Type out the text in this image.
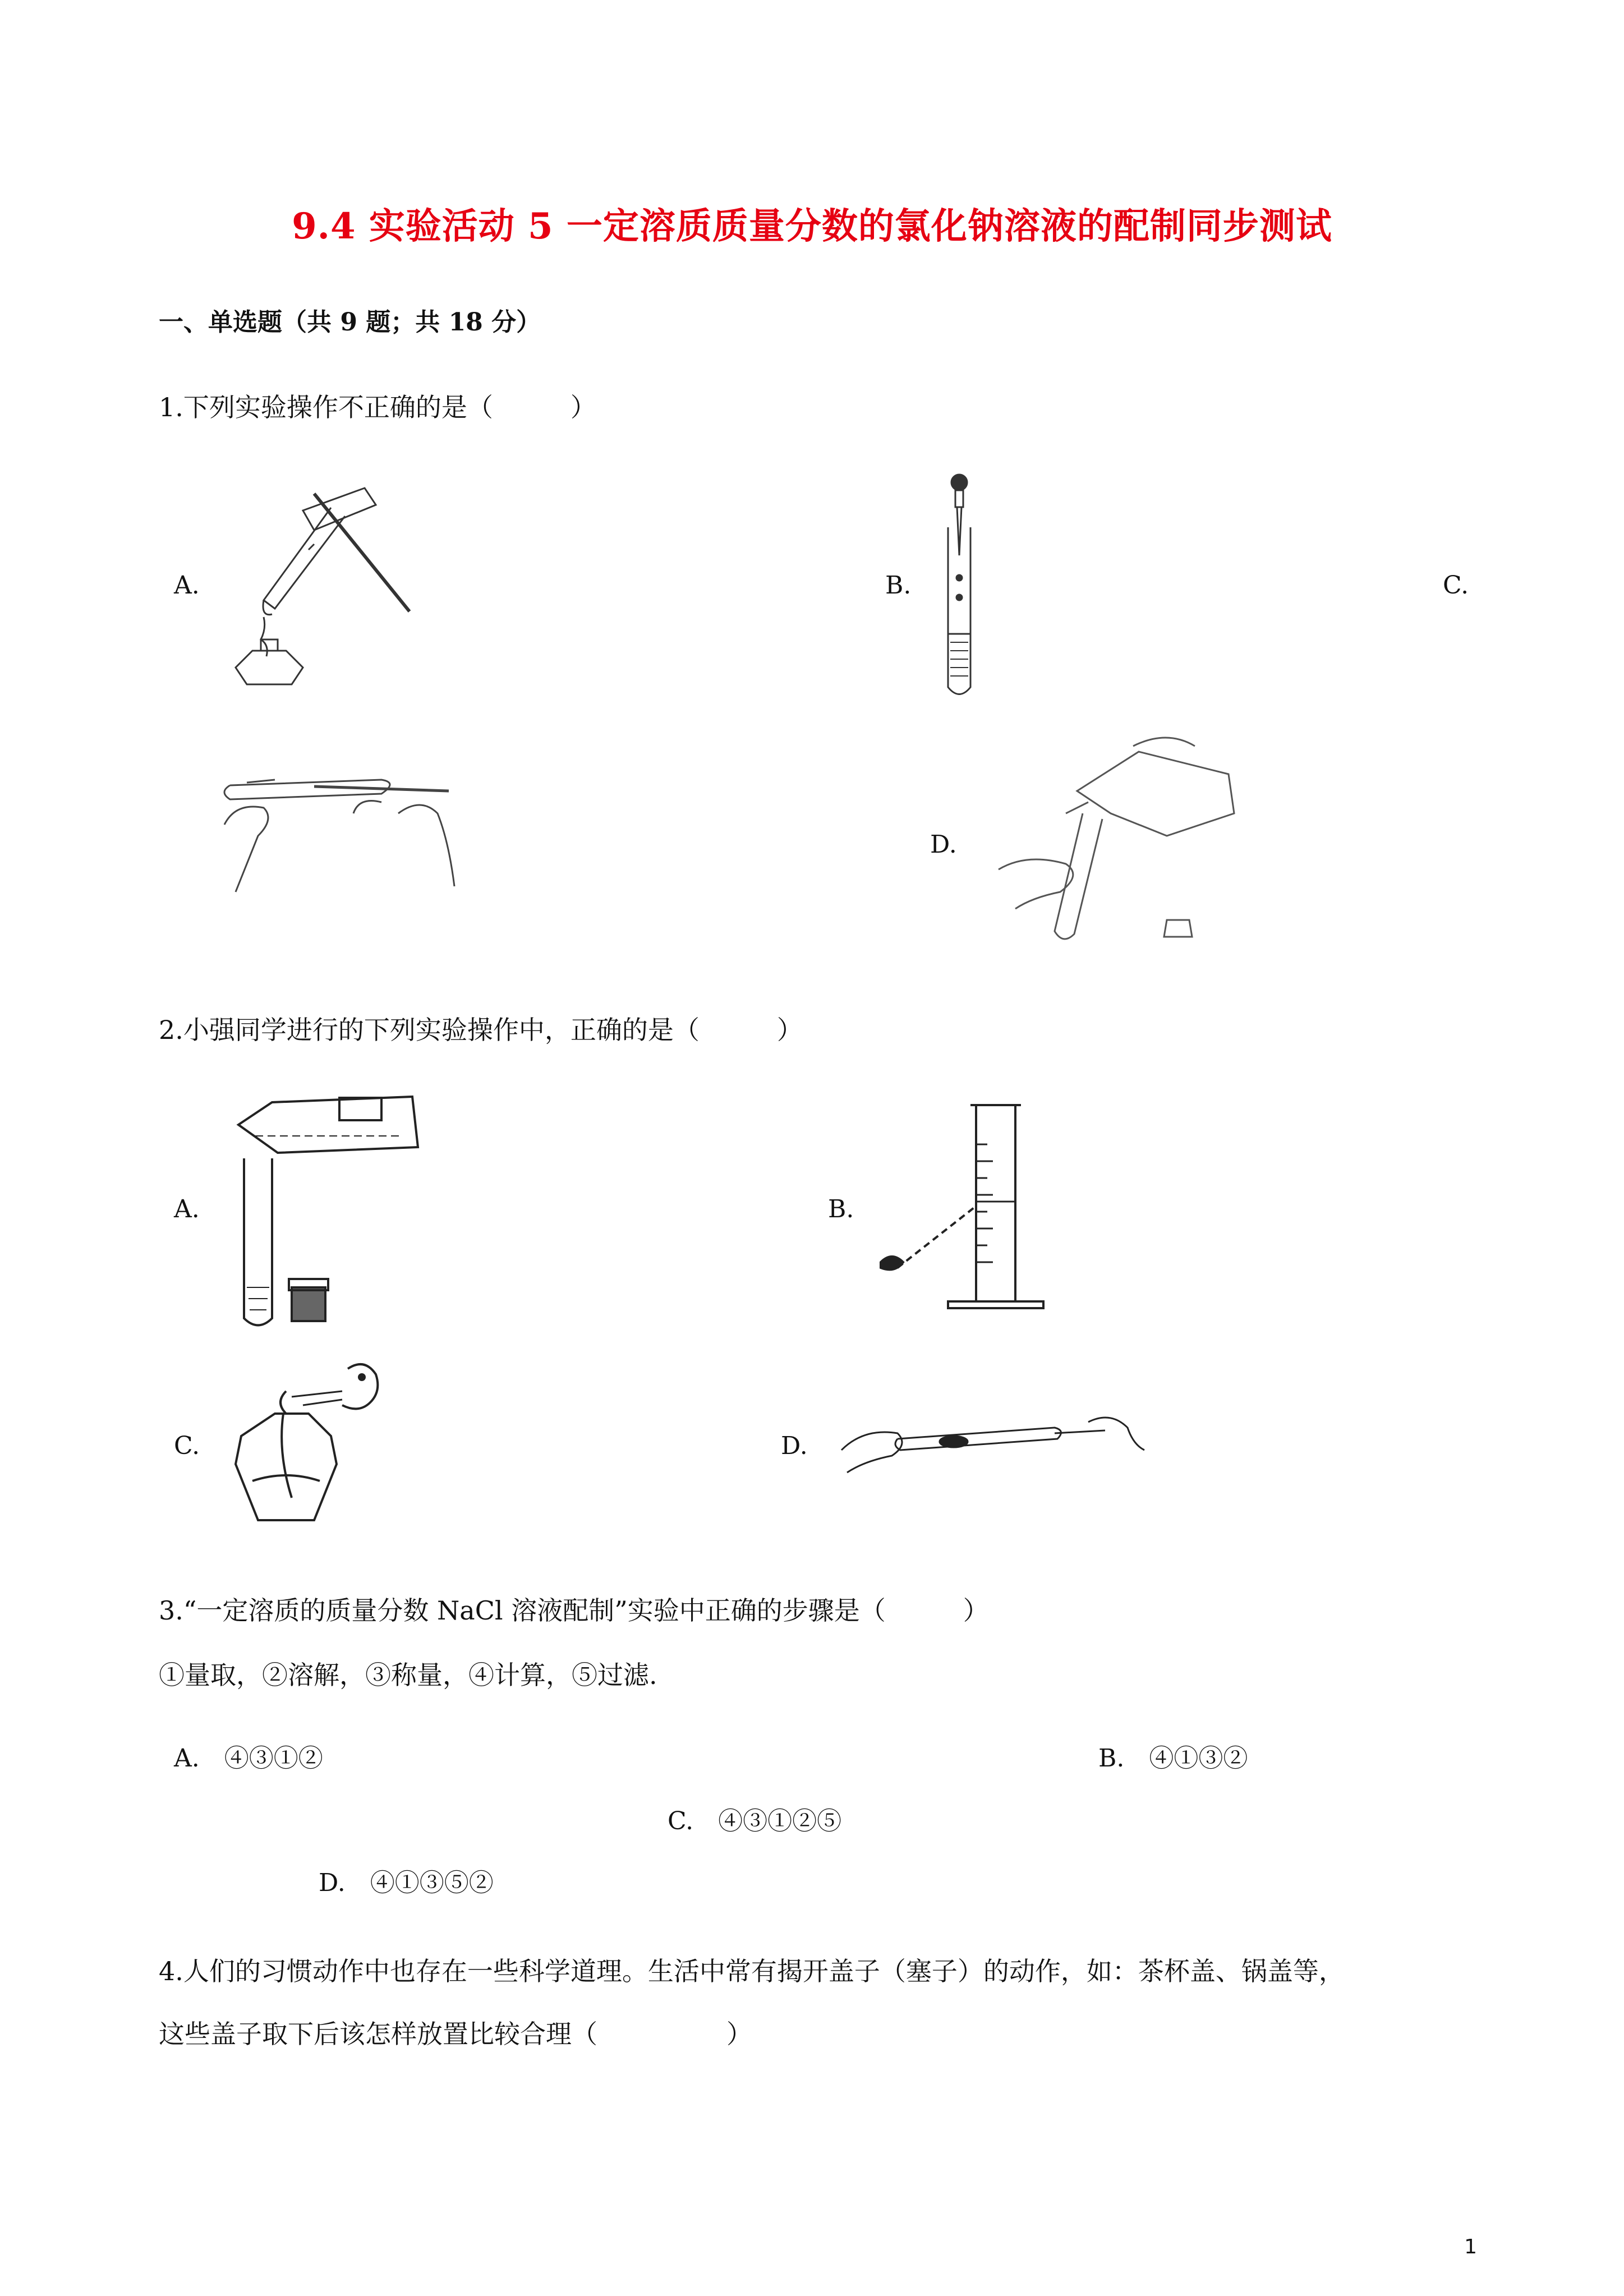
9.4 实验活动 5 一定溶质质量分数的氯化钠溶液的配制同步测试
一、单选题（共 9 题；共 18 分）
1.下列实验操作不正确的是（　　　）
A.	B.	C.
D.
2.小强同学进行的下列实验操作中，正确的是（　　　）
A.	B.
C.	D.
3.“一定溶质的质量分数 NaCl 溶液配制”实验中正确的步骤是（　　　）
①量取，②溶解，③称量，④计算，⑤过滤.
A.　④③①②	B.　④①③②
C.　④③①②⑤
D.　④①③⑤②
4.人们的习惯动作中也存在一些科学道理。生活中常有揭开盖子（塞子）的动作，如：茶杯盖、锅盖等，
这些盖子取下后该怎样放置比较合理（　　　　　）
1
